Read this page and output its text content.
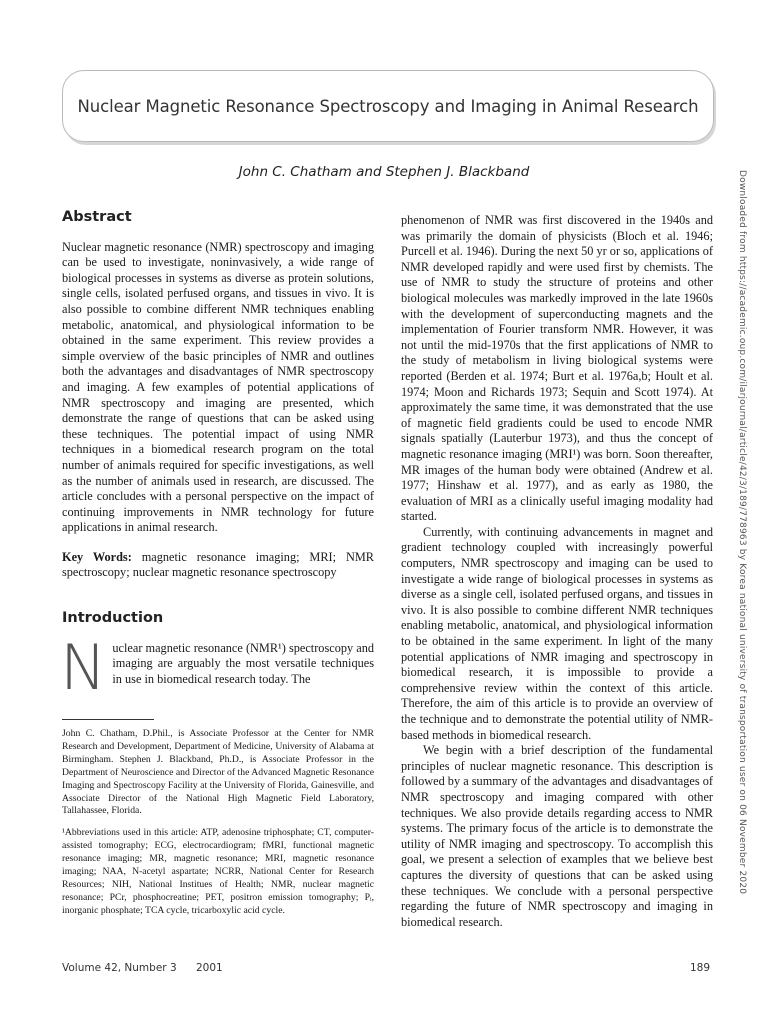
Nuclear Magnetic Resonance Spectroscopy and Imaging in Animal Research
John C. Chatham and Stephen J. Blackband	Downloaded from https://academic.oup.com/ilarjournal/article/42/3/189/778963 by Korea national university of transportation user on 06 November 2020
Abstract

Nuclear magnetic resonance (NMR) spectroscopy and imaging can be used to investigate, noninvasively, a wide range of biological processes in systems as diverse as protein solutions, single cells, isolated perfused organs, and tissues in vivo. It is also possible to combine different NMR techniques enabling metabolic, anatomical, and physiological information to be obtained in the same experiment. This review provides a simple overview of the basic principles of NMR and outlines both the advantages and disadvantages of NMR spectroscopy and imaging. A few examples of potential applications of NMR spectroscopy and imaging are presented, which demonstrate the range of questions that can be asked using these techniques. The potential impact of using NMR techniques in a biomedical research program on the total number of animals required for specific investigations, as well as the number of animals used in research, are discussed. The article concludes with a personal perspective on the impact of continuing improvements in NMR technology for future applications in animal research.

Key Words: magnetic resonance imaging; MRI; NMR spectroscopy; nuclear magnetic resonance spectroscopy

Introduction

Nuclear magnetic resonance (NMR¹) spectroscopy and imaging are arguably the most versatile techniques in use in biomedical research today. The

John C. Chatham, D.Phil., is Associate Professor at the Center for NMR Research and Development, Department of Medicine, University of Alabama at Birmingham. Stephen J. Blackband, Ph.D., is Associate Professor in the Department of Neuroscience and Director of the Advanced Magnetic Resonance Imaging and Spectroscopy Facility at the University of Florida, Gainesville, and Associate Director of the National High Magnetic Field Laboratory, Tallahassee, Florida.

¹Abbreviations used in this article: ATP, adenosine triphosphate; CT, computer-assisted tomography; ECG, electrocardiogram; fMRI, functional magnetic resonance imaging; MR, magnetic resonance; MRI, magnetic resonance imaging; NAA, N-acetyl aspartate; NCRR, National Center for Research Resources; NIH, National Institues of Health; NMR, nuclear magnetic resonance; PCr, phosphocreatine; PET, positron emission tomography; Pᵢ, inorganic phosphate; TCA cycle, tricarboxylic acid cycle.

phenomenon of NMR was first discovered in the 1940s and was primarily the domain of physicists (Bloch et al. 1946; Purcell et al. 1946). During the next 50 yr or so, applications of NMR developed rapidly and were used first by chemists. The use of NMR to study the structure of proteins and other biological molecules was markedly improved in the late 1960s with the development of superconducting magnets and the implementation of Fourier transform NMR. However, it was not until the mid-1970s that the first applications of NMR to the study of metabolism in living biological systems were reported (Berden et al. 1974; Burt et al. 1976a,b; Hoult et al. 1974; Moon and Richards 1973; Sequin and Scott 1974). At approximately the same time, it was demonstrated that the use of magnetic field gradients could be used to encode NMR signals spatially (Lauterbur 1973), and thus the concept of magnetic resonance imaging (MRI¹) was born. Soon thereafter, MR images of the human body were obtained (Andrew et al. 1977; Hinshaw et al. 1977), and as early as 1980, the evaluation of MRI as a clinically useful imaging modality had started.

Currently, with continuing advancements in magnet and gradient technology coupled with increasingly powerful computers, NMR spectroscopy and imaging can be used to investigate a wide range of biological processes in systems as diverse as a single cell, isolated perfused organs, and tissues in vivo. It is also possible to combine different NMR techniques enabling metabolic, anatomical, and physiological information to be obtained in the same experiment. In light of the many potential applications of NMR imaging and spectroscopy in biomedical research, it is impossible to provide a comprehensive review within the context of this article. Therefore, the aim of this article is to provide an overview of the technique and to demonstrate the potential utility of NMR-based methods in biomedical research.

We begin with a brief description of the fundamental principles of nuclear magnetic resonance. This description is followed by a summary of the advantages and disadvantages of NMR spectroscopy and imaging compared with other techniques. We also provide details regarding access to NMR systems. The primary focus of the article is to demonstrate the utility of NMR imaging and spectroscopy. To accomplish this goal, we present a selection of examples that we believe best captures the diversity of questions that can be asked using these techniques. We conclude with a personal perspective regarding the future of NMR spectroscopy and imaging in biomedical research.

Volume 42, Number 3 2001	189
